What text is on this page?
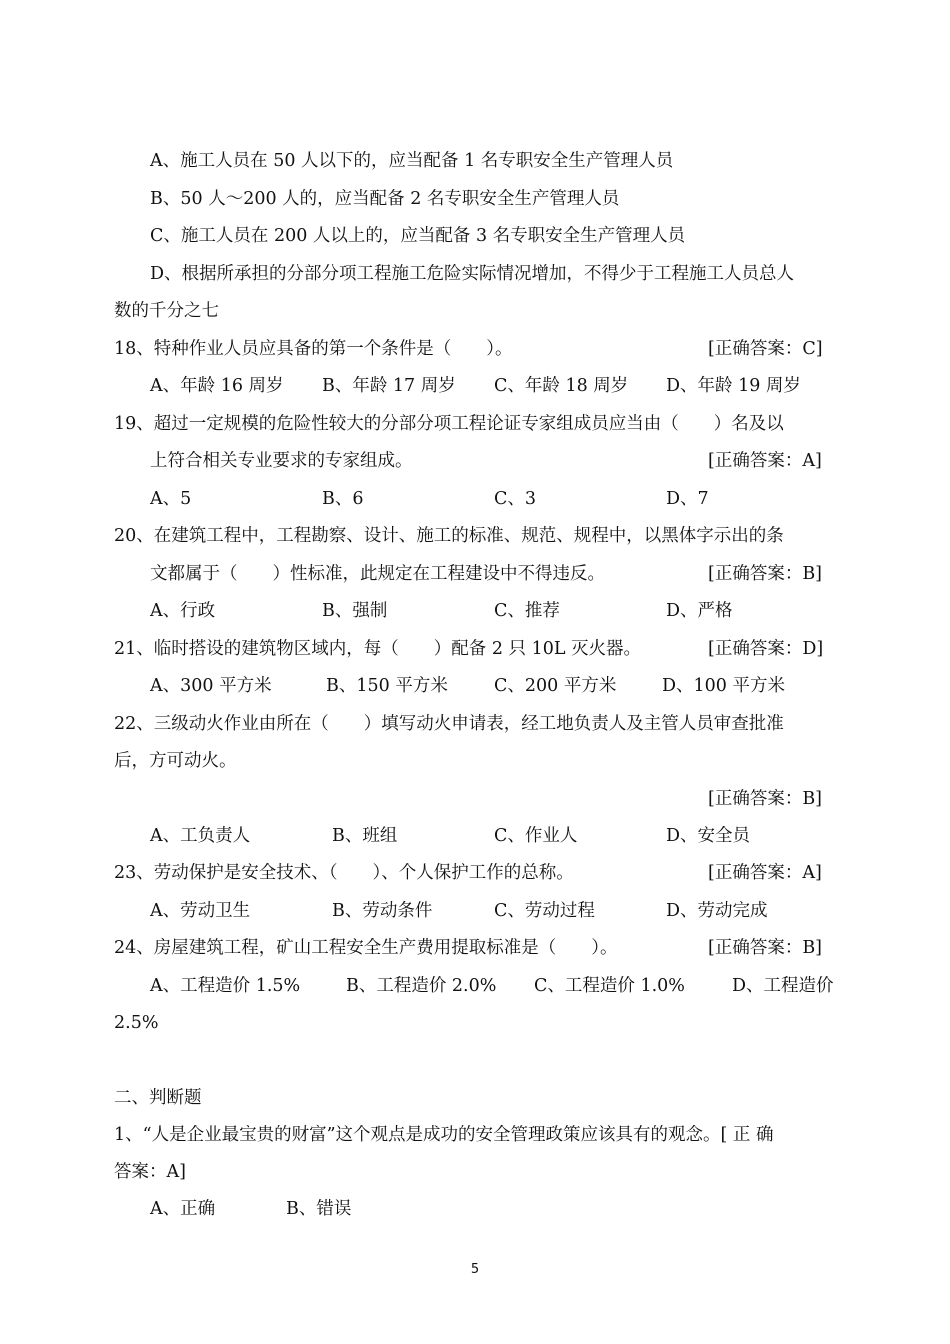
A、施工人员在 50 人以下的，应当配备 1 名专职安全生产管理人员
B、50 人～200 人的，应当配备 2 名专职安全生产管理人员
C、施工人员在 200 人以上的，应当配备 3 名专职安全生产管理人员
D、根据所承担的分部分项工程施工危险实际情况增加，不得少于工程施工人员总人
数的千分之七
18、特种作业人员应具备的第一个条件是（　　）。	[正确答案：C]
A、年龄 16 周岁 B、年龄 17 周岁 C、年龄 18 周岁 D、年龄 19 周岁
19、超过一定规模的危险性较大的分部分项工程论证专家组成员应当由（　　）名及以
上符合相关专业要求的专家组成。	[正确答案：A]
A、5	B、6	C、3	D、7
20、在建筑工程中，工程勘察、设计、施工的标准、规范、规程中，以黑体字示出的条
文都属于（　　）性标准，此规定在工程建设中不得违反。	[正确答案：B]
A、行政	B、强制	C、推荐	D、严格
21、临时搭设的建筑物区域内，每（　　）配备 2 只 10L 灭火器。	[正确答案：D]
A、300 平方米	B、150 平方米	C、200 平方米	D、100 平方米
22、三级动火作业由所在（　　）填写动火申请表，经工地负责人及主管人员审查批准
后，方可动火。
[正确答案：B]
A、工负责人	B、班组	C、作业人	D、安全员
23、劳动保护是安全技术、（　　）、个人保护工作的总称。	[正确答案：A]
A、劳动卫生	B、劳动条件	C、劳动过程	D、劳动完成
24、房屋建筑工程，矿山工程安全生产费用提取标准是（　　）。	[正确答案：B]
A、工程造价 1.5%	B、工程造价 2.0% C、工程造价 1.0%	D、工程造价
2.5%
二、判断题
1、“人是企业最宝贵的财富”这个观点是成功的安全管理政策应该具有的观念。[ 正 确
答案：A]
A、正确	B、错误
5
